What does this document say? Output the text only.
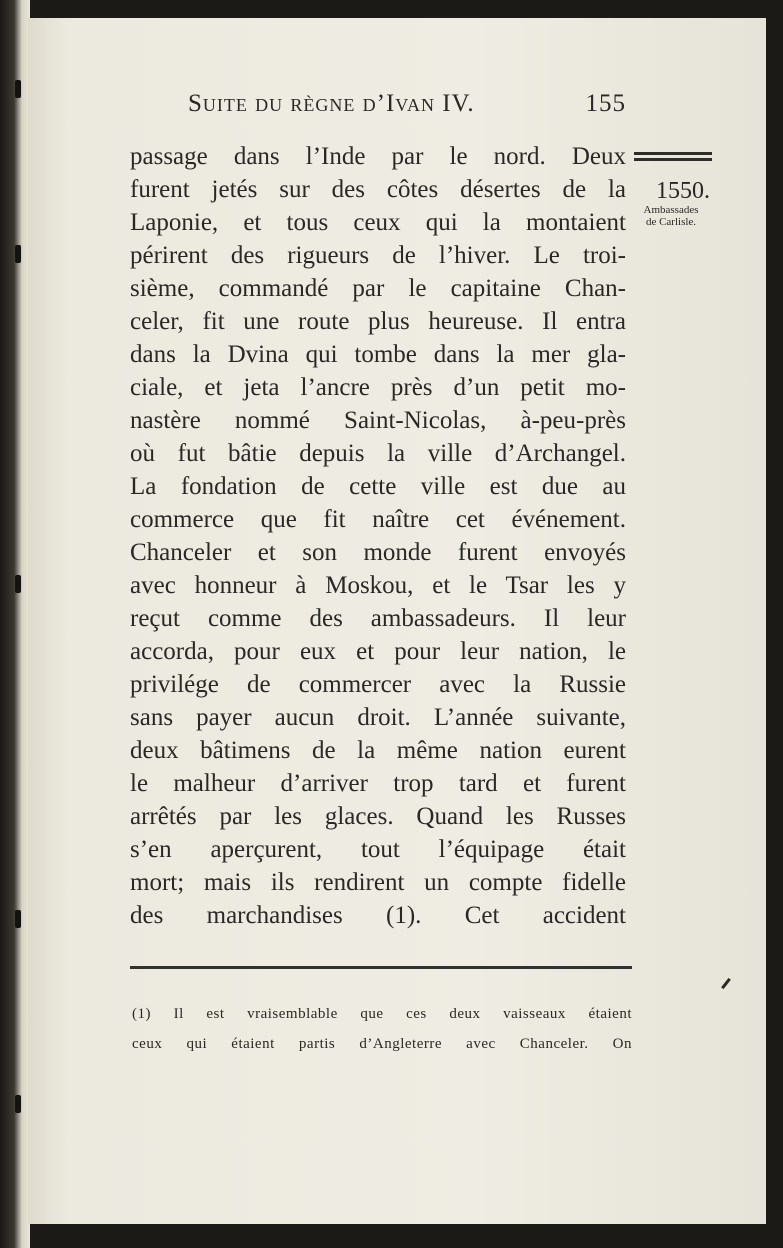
Suite du règne d’Ivan IV.	155
1550.
Ambassades
de Carlisle.

passage dans l’Inde par le nord. Deux

furent jetés sur des côtes désertes de la

Laponie, et tous ceux qui la montaient

périrent des rigueurs de l’hiver. Le troi-

sième, commandé par le capitaine Chan-

celer, fit une route plus heureuse. Il entra

dans la Dvina qui tombe dans la mer gla-

ciale, et jeta l’ancre près d’un petit mo-

nastère nommé Saint-Nicolas, à-peu-près

où fut bâtie depuis la ville d’Archangel.

La fondation de cette ville est due au

commerce que fit naître cet événement.

Chanceler et son monde furent envoyés

avec honneur à Moskou, et le Tsar les y

reçut comme des ambassadeurs. Il leur

accorda, pour eux et pour leur nation, le

privilége de commercer avec la Russie

sans payer aucun droit. L’année suivante,

deux bâtimens de la même nation eurent

le malheur d’arriver trop tard et furent

arrêtés par les glaces. Quand les Russes

s’en aperçurent, tout l’équipage était

mort; mais ils rendirent un compte fidelle

des marchandises (1). Cet accident

(1) Il est vraisemblable que ces deux vaisseaux étaient

ceux qui étaient partis d’Angleterre avec Chanceler. On
